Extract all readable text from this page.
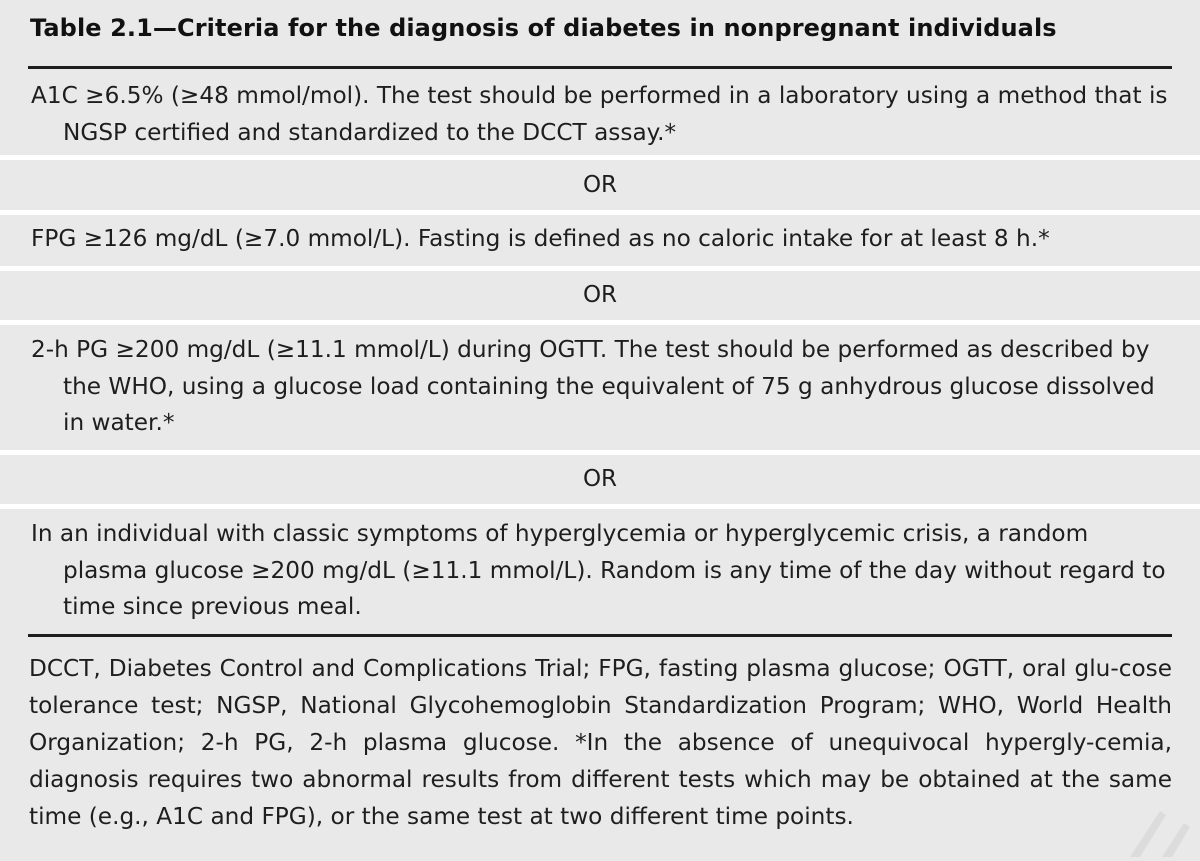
Table 2.1—Criteria for the diagnosis of diabetes in nonpregnant individuals
A1C ≥6.5% (≥48 mmol/mol). The test should be performed in a laboratory using a method that is NGSP certified and standardized to the DCCT assay.*
OR
FPG ≥126 mg/dL (≥7.0 mmol/L). Fasting is defined as no caloric intake for at least 8 h.*
OR
2-h PG ≥200 mg/dL (≥11.1 mmol/L) during OGTT. The test should be performed as described by the WHO, using a glucose load containing the equivalent of 75 g anhydrous glucose dissolved in water.*
OR
In an individual with classic symptoms of hyperglycemia or hyperglycemic crisis, a random plasma glucose ≥200 mg/dL (≥11.1 mmol/L). Random is any time of the day without regard to time since previous meal.
DCCT, Diabetes Control and Complications Trial; FPG, fasting plasma glucose; OGTT, oral glu-cose tolerance test; NGSP, National Glycohemoglobin Standardization Program; WHO, World Health Organization; 2-h PG, 2-h plasma glucose. *In the absence of unequivocal hypergly-cemia, diagnosis requires two abnormal results from different tests which may be obtained at the same time (e.g., A1C and FPG), or the same test at two different time points.
